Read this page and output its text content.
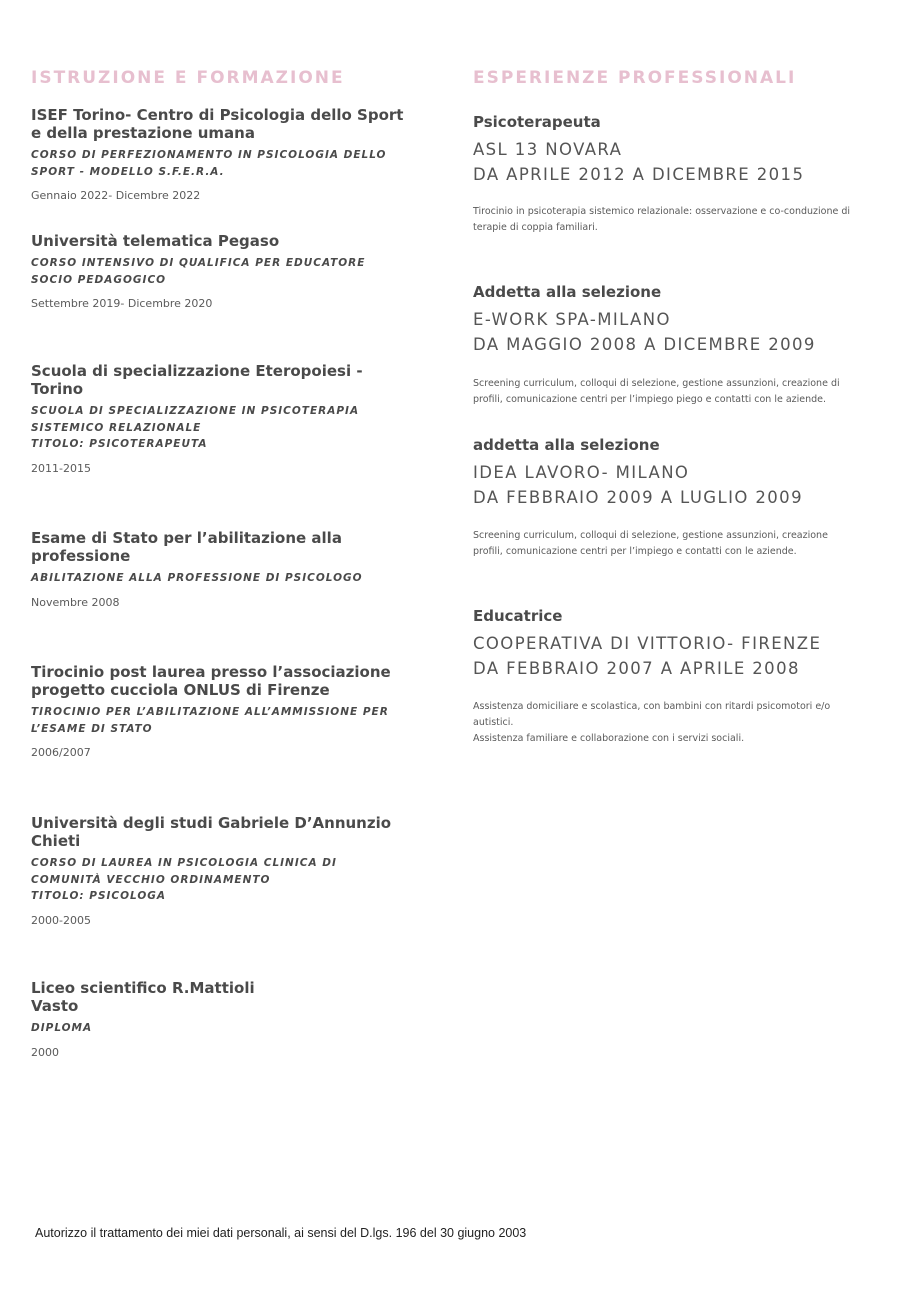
ISTRUZIONE E FORMAZIONE
ISEF Torino- Centro di Psicologia dello Sport e della prestazione umana
CORSO DI PERFEZIONAMENTO IN PSICOLOGIA DELLO SPORT - MODELLO S.F.E.R.A.
Gennaio 2022- Dicembre 2022
Università telematica Pegaso
CORSO INTENSIVO DI QUALIFICA PER EDUCATORE SOCIO PEDAGOGICO
Settembre 2019- Dicembre 2020
Scuola di specializzazione Eteropoiesi - Torino
SCUOLA DI SPECIALIZZAZIONE IN PSICOTERAPIA SISTEMICO RELAZIONALE
TITOLO: PSICOTERAPEUTA
2011-2015
Esame di Stato per l’abilitazione alla professione
ABILITAZIONE ALLA PROFESSIONE DI PSICOLOGO
Novembre 2008
Tirocinio post laurea presso l’associazione progetto cucciola ONLUS di Firenze
TIROCINIO PER L’ABILITAZIONE ALL’AMMISSIONE PER L’ESAME DI STATO
2006/2007
Università degli studi Gabriele D’Annunzio Chieti
CORSO DI LAUREA IN PSICOLOGIA CLINICA DI COMUNITÀ VECCHIO ORDINAMENTO
TITOLO: PSICOLOGA
2000-2005
Liceo scientifico R.Mattioli
Vasto
DIPLOMA
2000
ESPERIENZE PROFESSIONALI
Psicoterapeuta
ASL 13 NOVARA
DA APRILE 2012 A DICEMBRE 2015
Tirocinio in psicoterapia sistemico relazionale: osservazione e co-conduzione di terapie di coppia familiari.
Addetta alla selezione
E-WORK SPA-MILANO
DA MAGGIO 2008 A DICEMBRE 2009
Screening curriculum, colloqui di selezione, gestione assunzioni, creazione di profili, comunicazione centri per l’impiego piego e contatti con le aziende.
addetta alla selezione
IDEA LAVORO- MILANO
DA FEBBRAIO 2009 A LUGLIO 2009
Screening curriculum, colloqui di selezione, gestione assunzioni, creazione profili, comunicazione centri per l’impiego e contatti con le aziende.
Educatrice
COOPERATIVA DI VITTORIO- FIRENZE
DA FEBBRAIO 2007 A APRILE 2008
Assistenza domiciliare e scolastica, con bambini con ritardi psicomotori e/o autistici.
Assistenza familiare e collaborazione con i servizi sociali.
Autorizzo il trattamento dei miei dati personali, ai sensi del D.lgs. 196 del 30 giugno 2003
